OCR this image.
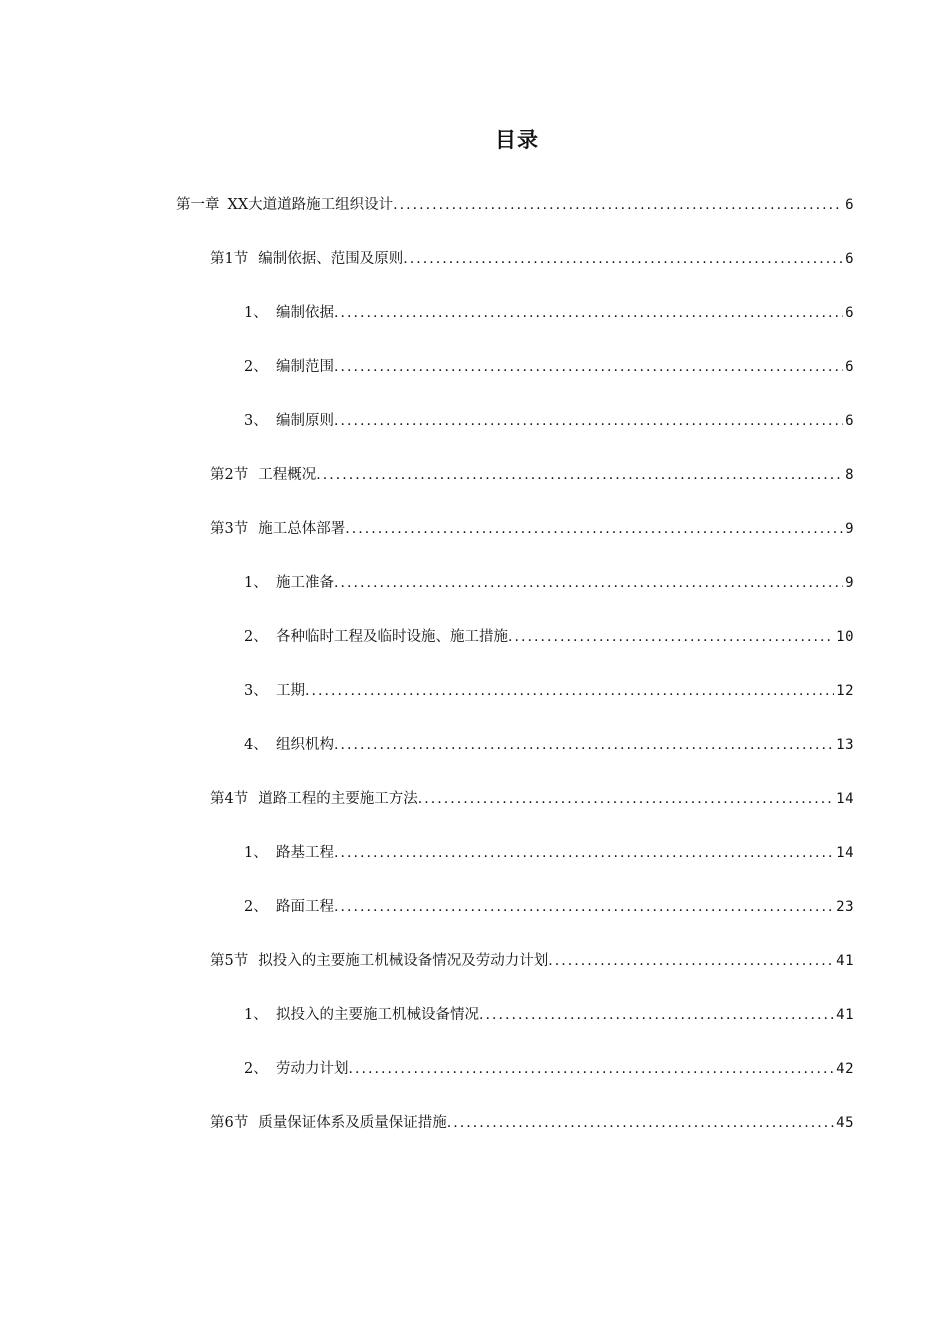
目录
第一章 XX大道道路施工组织设计 . . .	6
第1节 编制依据、范围及原则 . . .	6
1、 编制依据 . . .	6
2、 编制范围 . . .	6
3、 编制原则 . . .	6
第2节 工程概况 . . .	8
第3节 施工总体部署 . . .	9
1、 施工准备 . . .	9
2、 各种临时工程及临时设施、施工措施 . . .	10
3、 工期 . . .	12
4、 组织机构 . . .	13
第4节 道路工程的主要施工方法 . . .	14
1、 路基工程 . . .	14
2、 路面工程 . . .	23
第5节 拟投入的主要施工机械设备情况及劳动力计划 . . .	41
1、 拟投入的主要施工机械设备情况 . . .	41
2、 劳动力计划 . . .	42
第6节 质量保证体系及质量保证措施 . . .	45
